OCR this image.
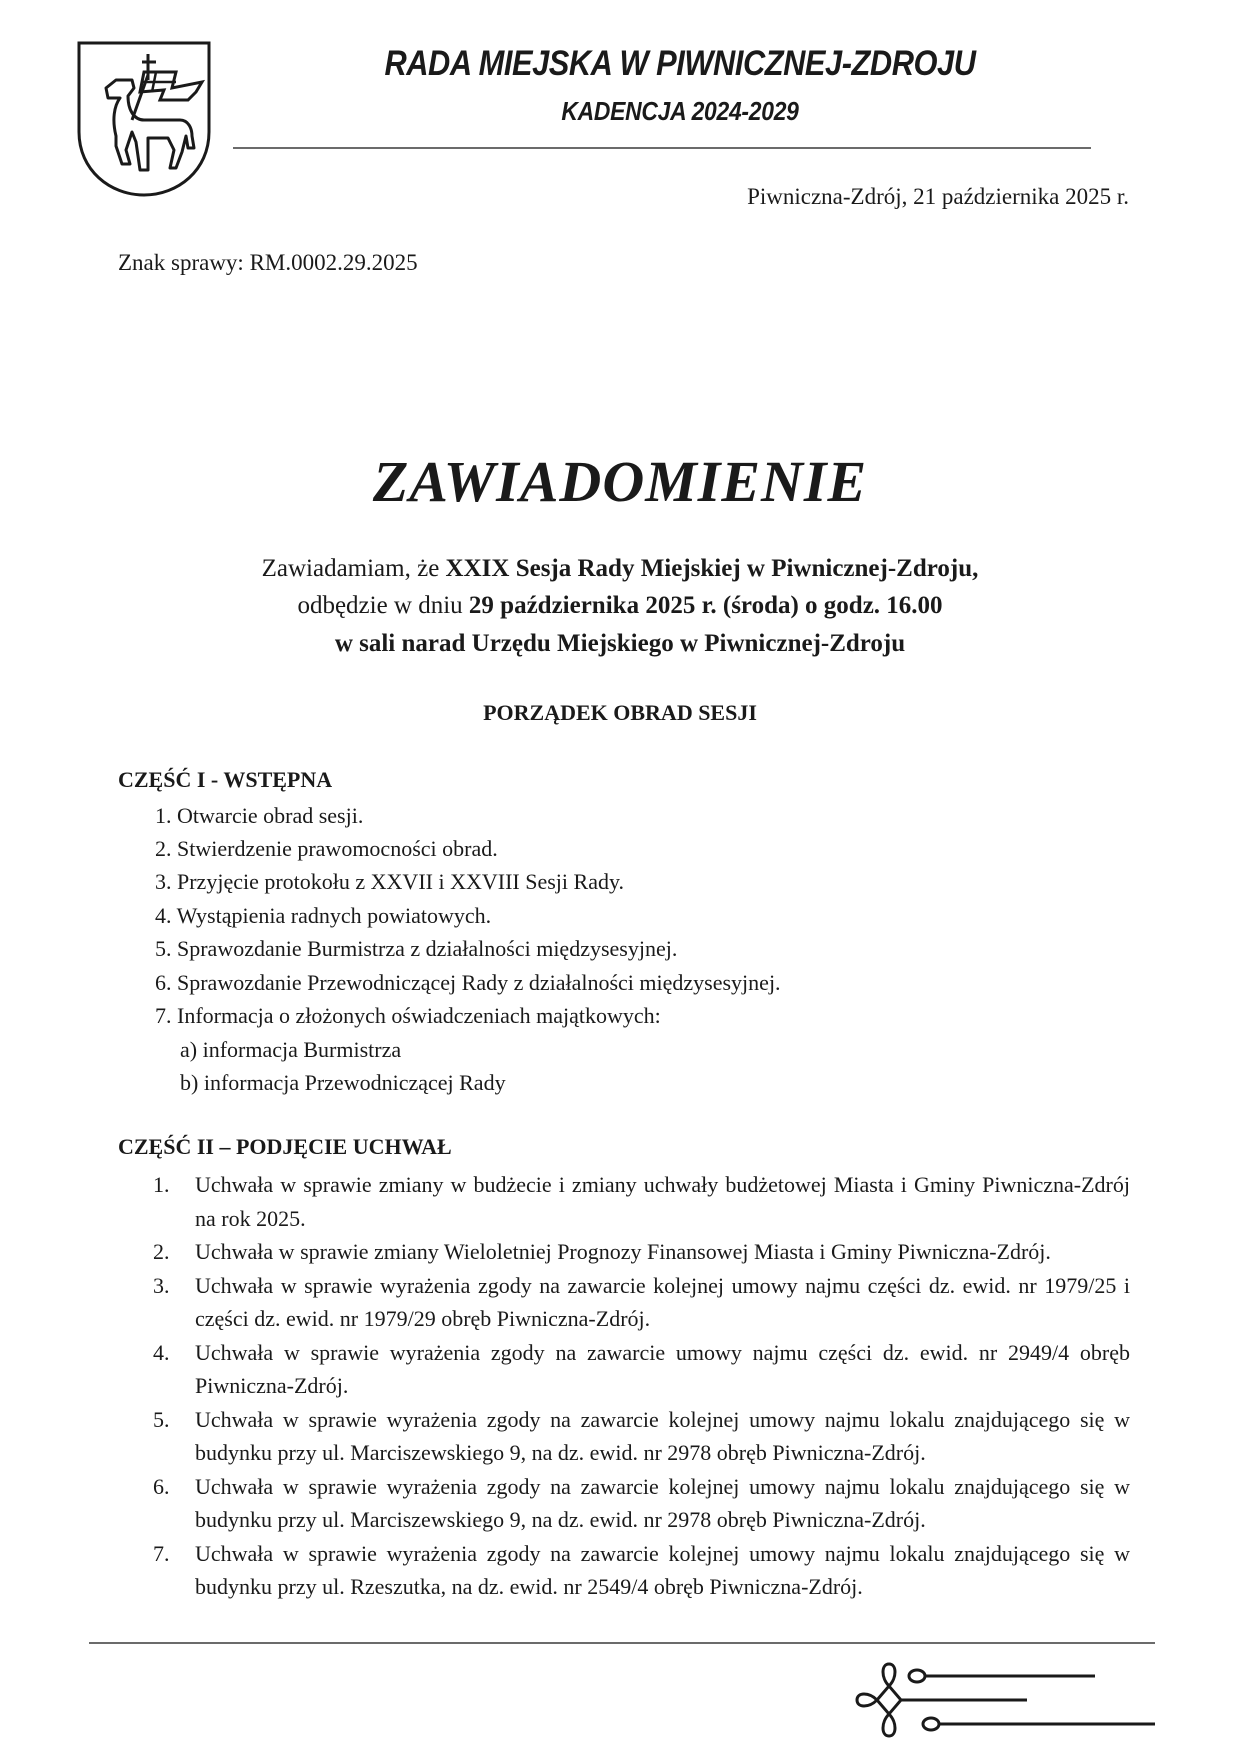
RADA MIEJSKA W PIWNICZNEJ-ZDROJU
KADENCJA 2024-2029
Piwniczna-Zdrój, 21 października 2025 r.
Znak sprawy: RM.0002.29.2025
ZAWIADOMIENIE
Zawiadamiam, że XXIX Sesja Rady Miejskiej w Piwnicznej-Zdroju,
odbędzie w dniu 29 października 2025 r. (środa) o godz. 16.00
w sali narad Urzędu Miejskiego w Piwnicznej-Zdroju
PORZĄDEK OBRAD SESJI
CZĘŚĆ I - WSTĘPNA
1. Otwarcie obrad sesji.
2. Stwierdzenie prawomocności obrad.
3. Przyjęcie protokołu z XXVII i XXVIII Sesji Rady.
4. Wystąpienia radnych powiatowych.
5. Sprawozdanie Burmistrza z działalności międzysesyjnej.
6. Sprawozdanie Przewodniczącej Rady z działalności międzysesyjnej.
7. Informacja o złożonych oświadczeniach majątkowych:
a) informacja Burmistrza
b) informacja Przewodniczącej Rady
CZĘŚĆ II – PODJĘCIE UCHWAŁ
1.	Uchwała w sprawie zmiany w budżecie i zmiany uchwały budżetowej Miasta i Gminy Piwniczna-Zdrój na rok 2025.
2.	Uchwała w sprawie zmiany Wieloletniej Prognozy Finansowej Miasta i Gminy Piwniczna-Zdrój.
3.	Uchwała w sprawie wyrażenia zgody na zawarcie kolejnej umowy najmu części dz. ewid. nr 1979/25 i części dz. ewid. nr 1979/29 obręb Piwniczna-Zdrój.
4.	Uchwała w sprawie wyrażenia zgody na zawarcie umowy najmu części dz. ewid. nr 2949/4 obręb Piwniczna-Zdrój.
5.	Uchwała w sprawie wyrażenia zgody na zawarcie kolejnej umowy najmu lokalu znajdującego się w budynku przy ul. Marciszewskiego 9, na dz. ewid. nr 2978 obręb Piwniczna-Zdrój.
6.	Uchwała w sprawie wyrażenia zgody na zawarcie kolejnej umowy najmu lokalu znajdującego się w budynku przy ul. Marciszewskiego 9, na dz. ewid. nr 2978 obręb Piwniczna-Zdrój.
7.	Uchwała w sprawie wyrażenia zgody na zawarcie kolejnej umowy najmu lokalu znajdującego się w budynku przy ul. Rzeszutka, na dz. ewid. nr 2549/4 obręb Piwniczna-Zdrój.
